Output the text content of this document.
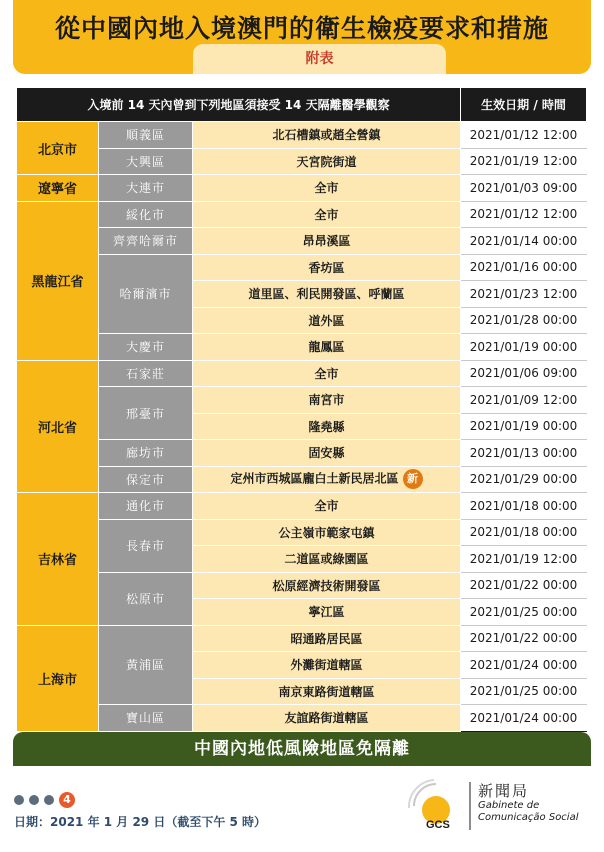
從中國內地入境澳門的衛生檢疫要求和措施
附表
入境前 14 天內曾到下列地區須接受 14 天隔離醫學觀察			生效日期 / 時間
北京市	順義區	北石槽鎮或趙全營鎮	2021/01/12 12:00
	大興區	天宮院街道	2021/01/19 12:00
遼寧省	大連市	全市	2021/01/03 09:00
黑龍江省	綏化市	全市	2021/01/12 12:00
	齊齊哈爾市	昂昂溪區	2021/01/14 00:00
	哈爾濱市	香坊區	2021/01/16 00:00
		道里區、利民開發區、呼蘭區	2021/01/23 12:00
		道外區	2021/01/28 00:00
	大慶市	龍鳳區	2021/01/19 00:00
河北省	石家莊	全市	2021/01/06 09:00
	邢臺市	南宮市	2021/01/09 12:00
		隆堯縣	2021/01/19 00:00
	廊坊市	固安縣	2021/01/13 00:00
	保定市	定州市西城區龐白土新民居北區 新	2021/01/29 00:00
吉林省	通化市	全市	2021/01/18 00:00
	長春市	公主嶺市範家屯鎮	2021/01/18 00:00
		二道區或綠園區	2021/01/19 12:00
	松原市	松原經濟技術開發區	2021/01/22 00:00
		寧江區	2021/01/25 00:00
上海市	黃浦區	昭通路居民區	2021/01/22 00:00
		外灘街道轄區	2021/01/24 00:00
		南京東路街道轄區	2021/01/25 00:00
	寶山區	友誼路街道轄區	2021/01/24 00:00
中國內地低風險地區免隔離
4
日期：2021 年 1 月 29 日（截至下午 5 時）	GCS
新聞局
Gabinete de
Comunicação Social
